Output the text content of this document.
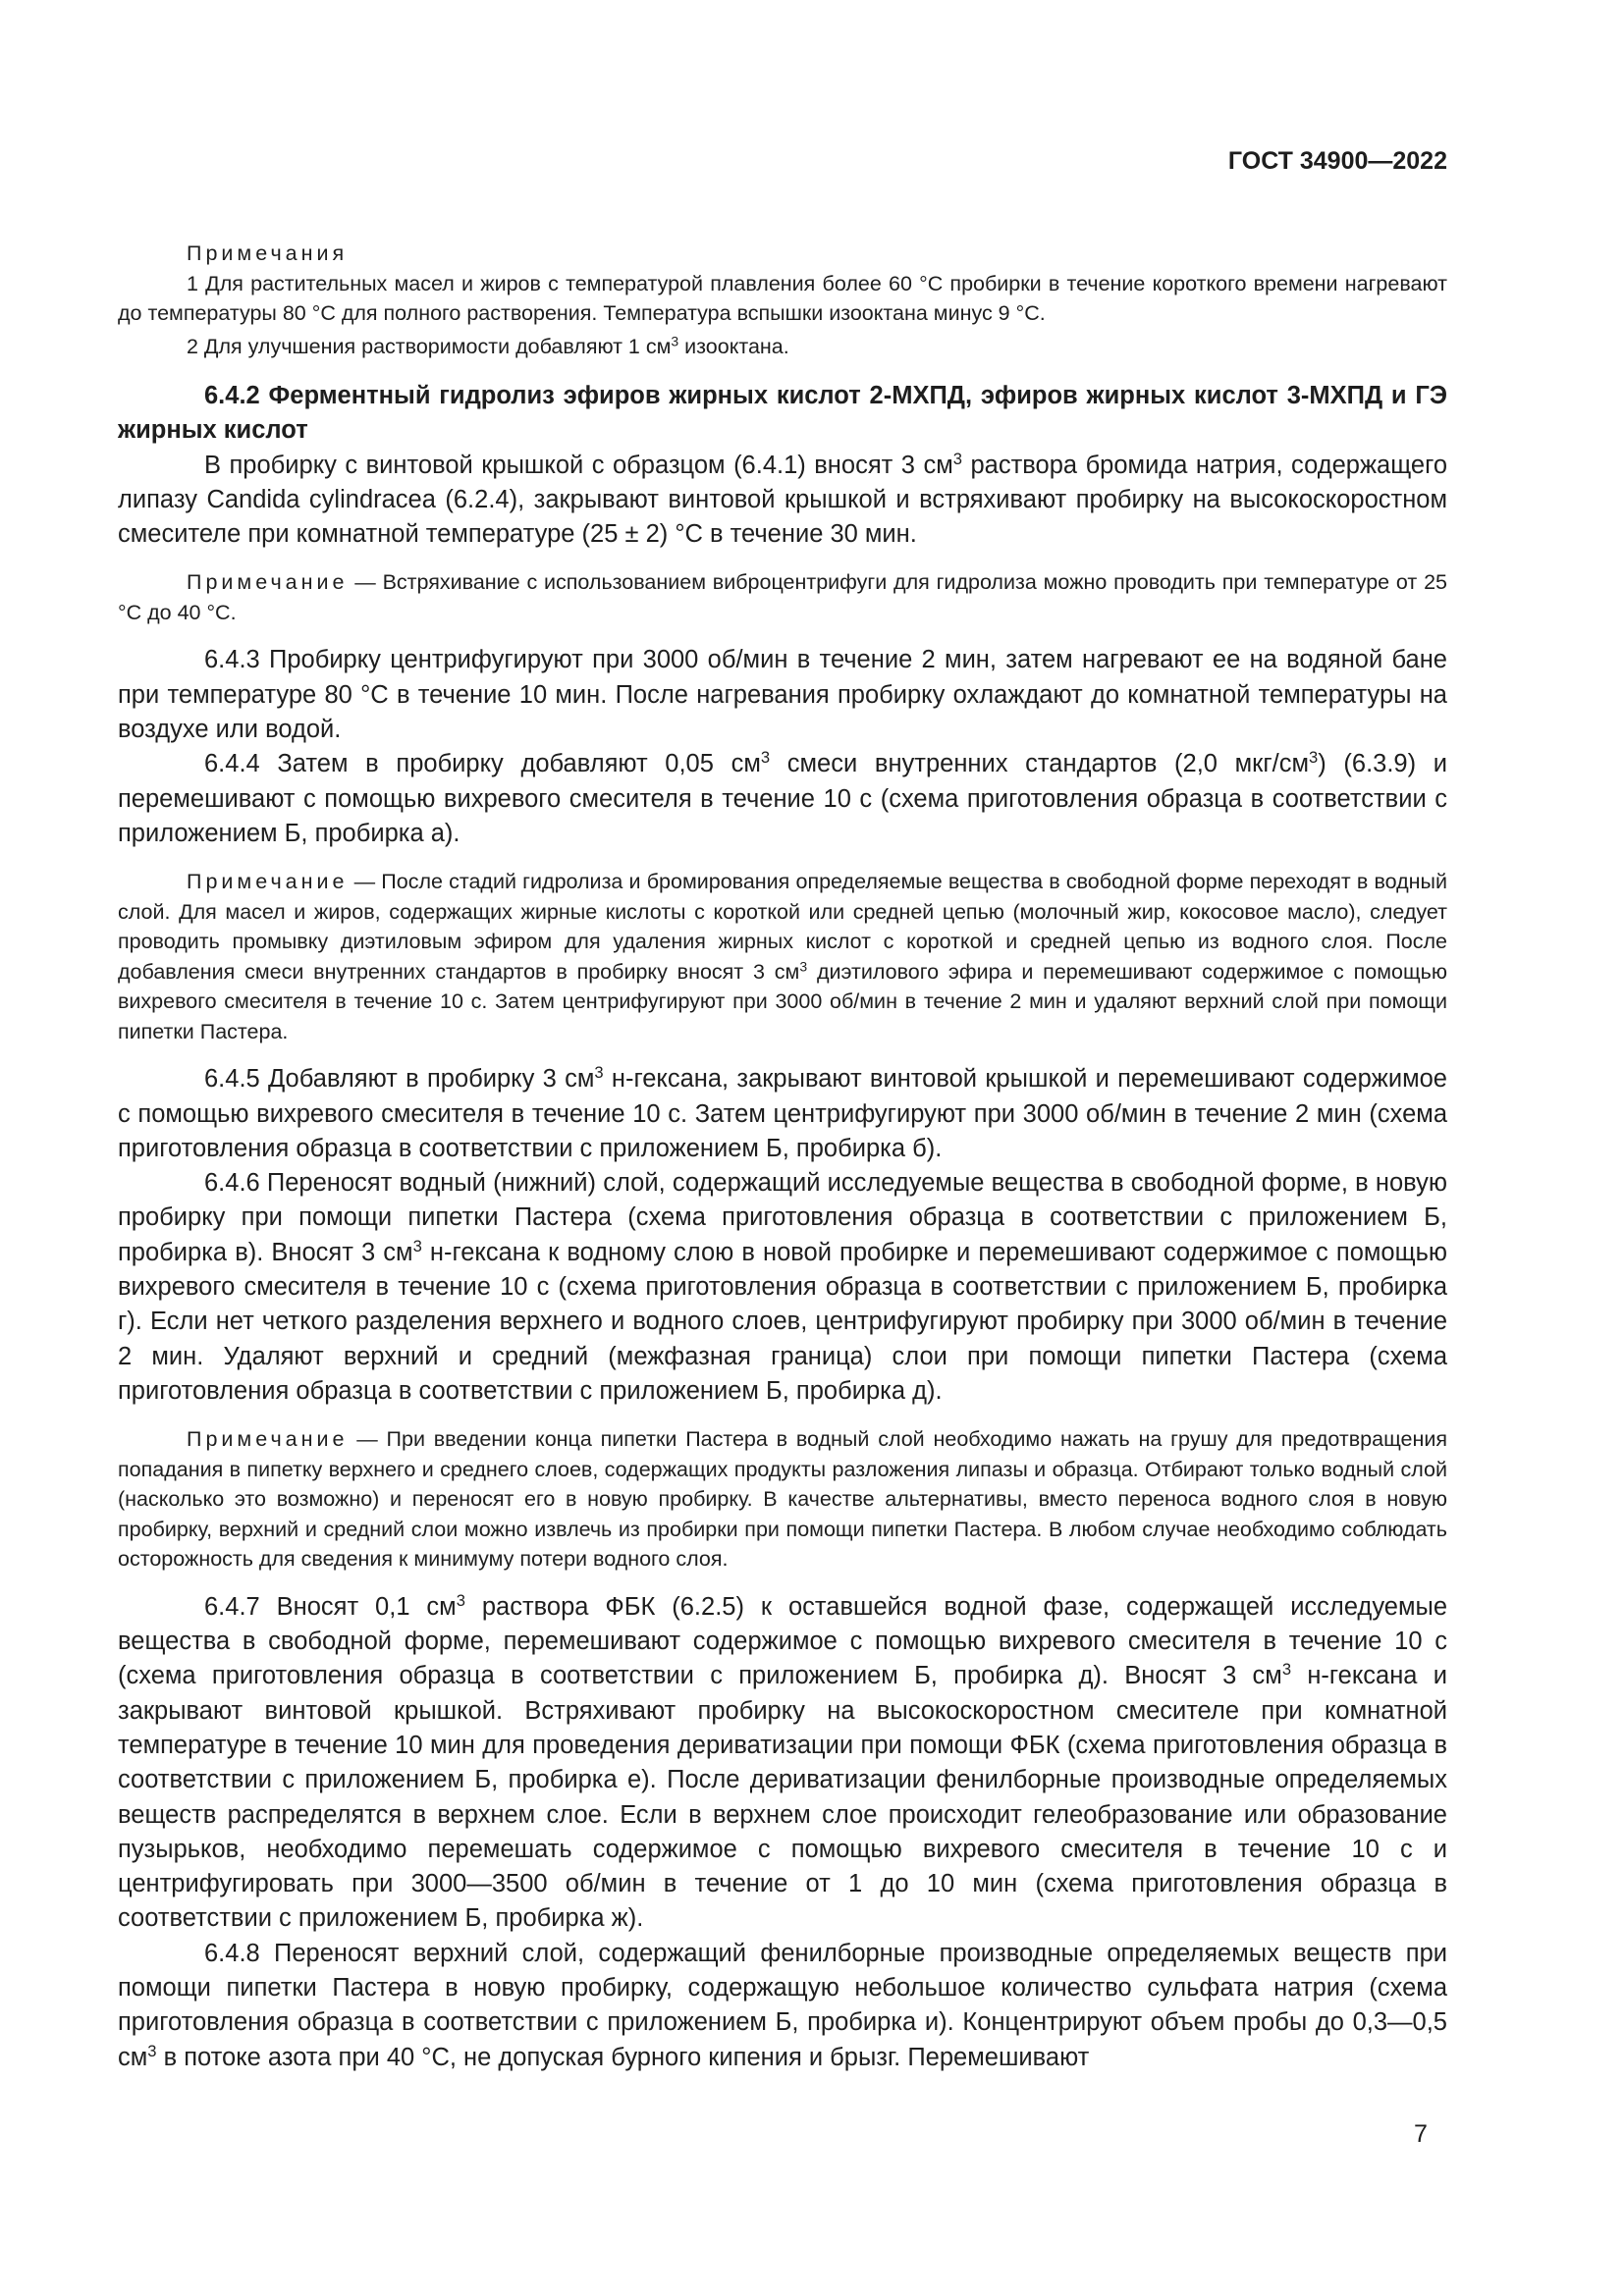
ГОСТ 34900—2022

Примечания

1 Для растительных масел и жиров с температурой плавления более 60 °С пробирки в течение короткого времени нагревают до температуры 80 °С для полного растворения. Температура вспышки изооктана минус 9 °С.

2 Для улучшения растворимости добавляют 1 $см^3$ изооктана.

6.4.2 Ферментный гидролиз эфиров жирных кислот 2-МХПД, эфиров жирных кислот 3-МХПД и ГЭ жирных кислот

В пробирку с винтовой крышкой с образцом (6.4.1) вносят 3 $см^3$ раствора бромида натрия, содержащего липазу Candida cylindracea (6.2.4), закрывают винтовой крышкой и встряхивают пробирку на высокоскоростном смесителе при комнатной температуре (25 ± 2) °С в течение 30 мин.

Примечание — Встряхивание с использованием виброцентрифуги для гидролиза можно проводить при температуре от 25 °С до 40 °С.

6.4.3 Пробирку центрифугируют при 3000 об/мин в течение 2 мин, затем нагревают ее на водяной бане при температуре 80 °С в течение 10 мин. После нагревания пробирку охлаждают до комнатной температуры на воздухе или водой.

6.4.4 Затем в пробирку добавляют 0,05 $см^3$ смеси внутренних стандартов (2,0 мкг/$см^3$) (6.3.9) и перемешивают с помощью вихревого смесителя в течение 10 с (схема приготовления образца в соответствии с приложением Б, пробирка а).

Примечание — После стадий гидролиза и бромирования определяемые вещества в свободной форме переходят в водный слой. Для масел и жиров, содержащих жирные кислоты с короткой или средней цепью (молочный жир, кокосовое масло), следует проводить промывку диэтиловым эфиром для удаления жирных кислот с короткой и средней цепью из водного слоя. После добавления смеси внутренних стандартов в пробирку вносят 3 $см^3$ диэтилового эфира и перемешивают содержимое с помощью вихревого смесителя в течение 10 с. Затем центрифугируют при 3000 об/мин в течение 2 мин и удаляют верхний слой при помощи пипетки Пастера.

6.4.5 Добавляют в пробирку 3 $см^3$ н-гексана, закрывают винтовой крышкой и перемешивают содержимое с помощью вихревого смесителя в течение 10 с. Затем центрифугируют при 3000 об/мин в течение 2 мин (схема приготовления образца в соответствии с приложением Б, пробирка б).

6.4.6 Переносят водный (нижний) слой, содержащий исследуемые вещества в свободной форме, в новую пробирку при помощи пипетки Пастера (схема приготовления образца в соответствии с приложением Б, пробирка в). Вносят 3 $см^3$ н-гексана к водному слою в новой пробирке и перемешивают содержимое с помощью вихревого смесителя в течение 10 с (схема приготовления образца в соответствии с приложением Б, пробирка г). Если нет четкого разделения верхнего и водного слоев, центрифугируют пробирку при 3000 об/мин в течение 2 мин. Удаляют верхний и средний (межфазная граница) слои при помощи пипетки Пастера (схема приготовления образца в соответствии с приложением Б, пробирка д).

Примечание — При введении конца пипетки Пастера в водный слой необходимо нажать на грушу для предотвращения попадания в пипетку верхнего и среднего слоев, содержащих продукты разложения липазы и образца. Отбирают только водный слой (насколько это возможно) и переносят его в новую пробирку. В качестве альтернативы, вместо переноса водного слоя в новую пробирку, верхний и средний слои можно извлечь из пробирки при помощи пипетки Пастера. В любом случае необходимо соблюдать осторожность для сведения к минимуму потери водного слоя.

6.4.7 Вносят 0,1 $см^3$ раствора ФБК (6.2.5) к оставшейся водной фазе, содержащей исследуемые вещества в свободной форме, перемешивают содержимое с помощью вихревого смесителя в течение 10 с (схема приготовления образца в соответствии с приложением Б, пробирка д). Вносят 3 $см^3$ н-гексана и закрывают винтовой крышкой. Встряхивают пробирку на высокоскоростном смесителе при комнатной температуре в течение 10 мин для проведения дериватизации при помощи ФБК (схема приготовления образца в соответствии с приложением Б, пробирка е). После дериватизации фенилборные производные определяемых веществ распределятся в верхнем слое. Если в верхнем слое происходит гелеобразование или образование пузырьков, необходимо перемешать содержимое с помощью вихревого смесителя в течение 10 с и центрифугировать при 3000—3500 об/мин в течение от 1 до 10 мин (схема приготовления образца в соответствии с приложением Б, пробирка ж).

6.4.8 Переносят верхний слой, содержащий фенилборные производные определяемых веществ при помощи пипетки Пастера в новую пробирку, содержащую небольшое количество сульфата натрия (схема приготовления образца в соответствии с приложением Б, пробирка и). Концентрируют объем пробы до 0,3—0,5 $см^3$ в потоке азота при 40 °С, не допуская бурного кипения и брызг. Перемешивают

7
